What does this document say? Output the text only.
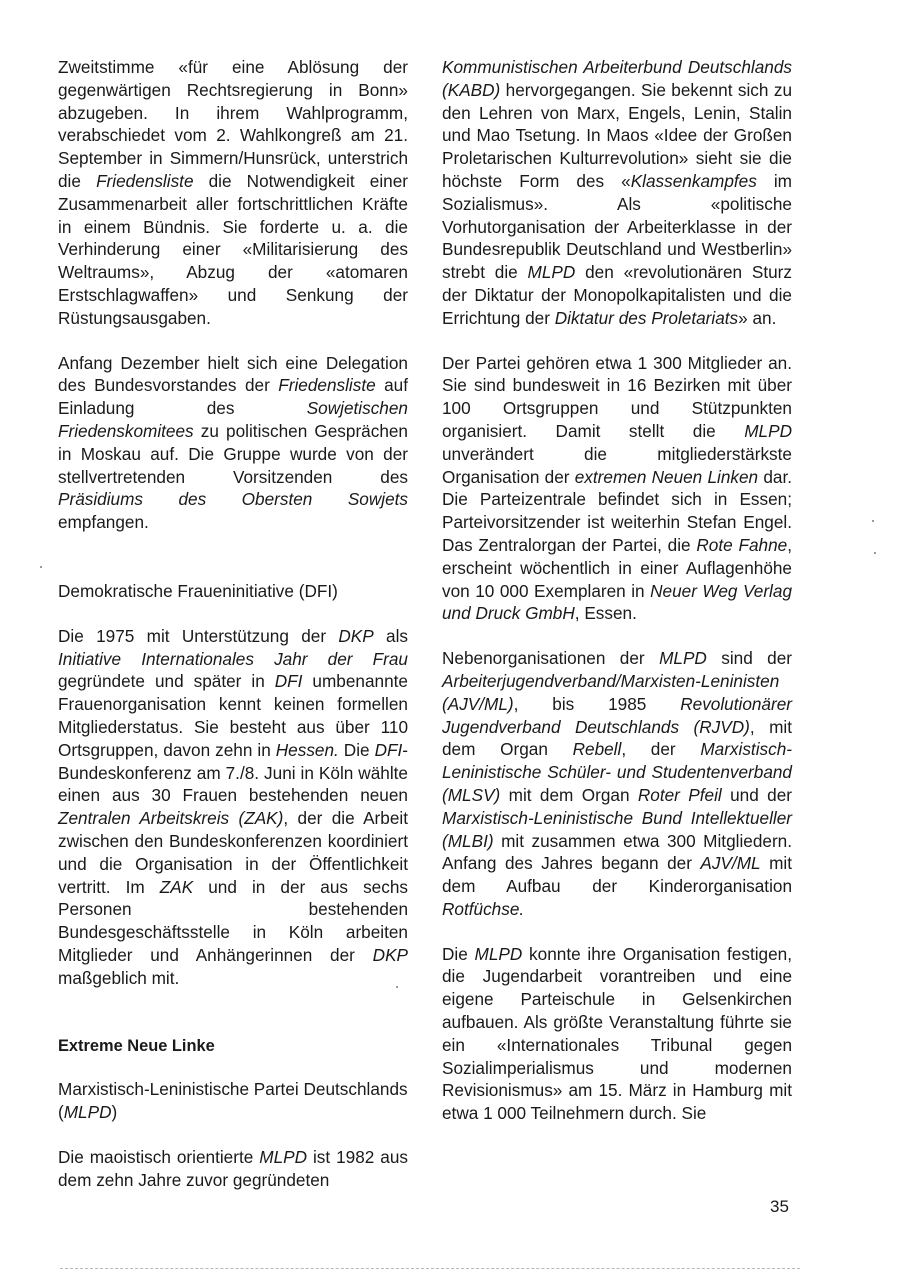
Zweitstimme «für eine Ablösung der gegenwärtigen Rechtsregierung in Bonn» abzugeben. In ihrem Wahlprogramm, verabschiedet vom 2. Wahlkongreß am 21. September in Simmern/Hunsrück, unterstrich die Friedensliste die Notwendigkeit einer Zusammenarbeit aller fortschrittlichen Kräfte in einem Bündnis. Sie forderte u. a. die Verhinderung einer «Militarisierung des Weltraums», Abzug der «atomaren Erstschlagwaffen» und Senkung der Rüstungsausgaben.

Anfang Dezember hielt sich eine Delegation des Bundesvorstandes der Friedensliste auf Einladung des Sowjetischen Friedenskomitees zu politischen Gesprächen in Moskau auf. Die Gruppe wurde von der stellvertretenden Vorsitzenden des Präsidiums des Obersten Sowjets empfangen.

Demokratische Fraueninitiative (DFI)

Die 1975 mit Unterstützung der DKP als Initiative Internationales Jahr der Frau gegründete und später in DFI umbenannte Frauenorganisation kennt keinen formellen Mitgliederstatus. Sie besteht aus über 110 Ortsgruppen, davon zehn in Hessen. Die DFI-Bundeskonferenz am 7./8. Juni in Köln wählte einen aus 30 Frauen bestehenden neuen Zentralen Arbeitskreis (ZAK), der die Arbeit zwischen den Bundeskonferenzen koordiniert und die Organisation in der Öffentlichkeit vertritt. Im ZAK und in der aus sechs Personen bestehenden Bundesgeschäftsstelle in Köln arbeiten Mitglieder und Anhängerinnen der DKP maßgeblich mit.

Extreme Neue Linke

Marxistisch-Leninistische Partei Deutschlands (MLPD)

Die maoistisch orientierte MLPD ist 1982 aus dem zehn Jahre zuvor gegründeten

Kommunistischen Arbeiterbund Deutschlands (KABD) hervorgegangen. Sie bekennt sich zu den Lehren von Marx, Engels, Lenin, Stalin und Mao Tsetung. In Maos «Idee der Großen Proletarischen Kulturrevolution» sieht sie die höchste Form des «Klassenkampfes im Sozialismus». Als «politische Vorhutorganisation der Arbeiterklasse in der Bundesrepublik Deutschland und Westberlin» strebt die MLPD den «revolutionären Sturz der Diktatur der Monopolkapitalisten und die Errichtung der Diktatur des Proletariats» an.

Der Partei gehören etwa 1 300 Mitglieder an. Sie sind bundesweit in 16 Bezirken mit über 100 Ortsgruppen und Stützpunkten organisiert. Damit stellt die MLPD unverändert die mitgliederstärkste Organisation der extremen Neuen Linken dar. Die Parteizentrale befindet sich in Essen; Parteivorsitzender ist weiterhin Stefan Engel. Das Zentralorgan der Partei, die Rote Fahne, erscheint wöchentlich in einer Auflagenhöhe von 10 000 Exemplaren in Neuer Weg Verlag und Druck GmbH, Essen.

Nebenorganisationen der MLPD sind der Arbeiterjugendverband/Marxisten-Leninisten (AJV/ML), bis 1985 Revolutionärer Jugendverband Deutschlands (RJVD), mit dem Organ Rebell, der Marxistisch-Leninistische Schüler- und Studentenverband (MLSV) mit dem Organ Roter Pfeil und der Marxistisch-Leninistische Bund Intellektueller (MLBI) mit zusammen etwa 300 Mitgliedern. Anfang des Jahres begann der AJV/ML mit dem Aufbau der Kinderorganisation Rotfüchse.

Die MLPD konnte ihre Organisation festigen, die Jugendarbeit vorantreiben und eine eigene Parteischule in Gelsenkirchen aufbauen. Als größte Veranstaltung führte sie ein «Internationales Tribunal gegen Sozialimperialismus und modernen Revisionismus» am 15. März in Hamburg mit etwa 1 000 Teilnehmern durch. Sie

35
